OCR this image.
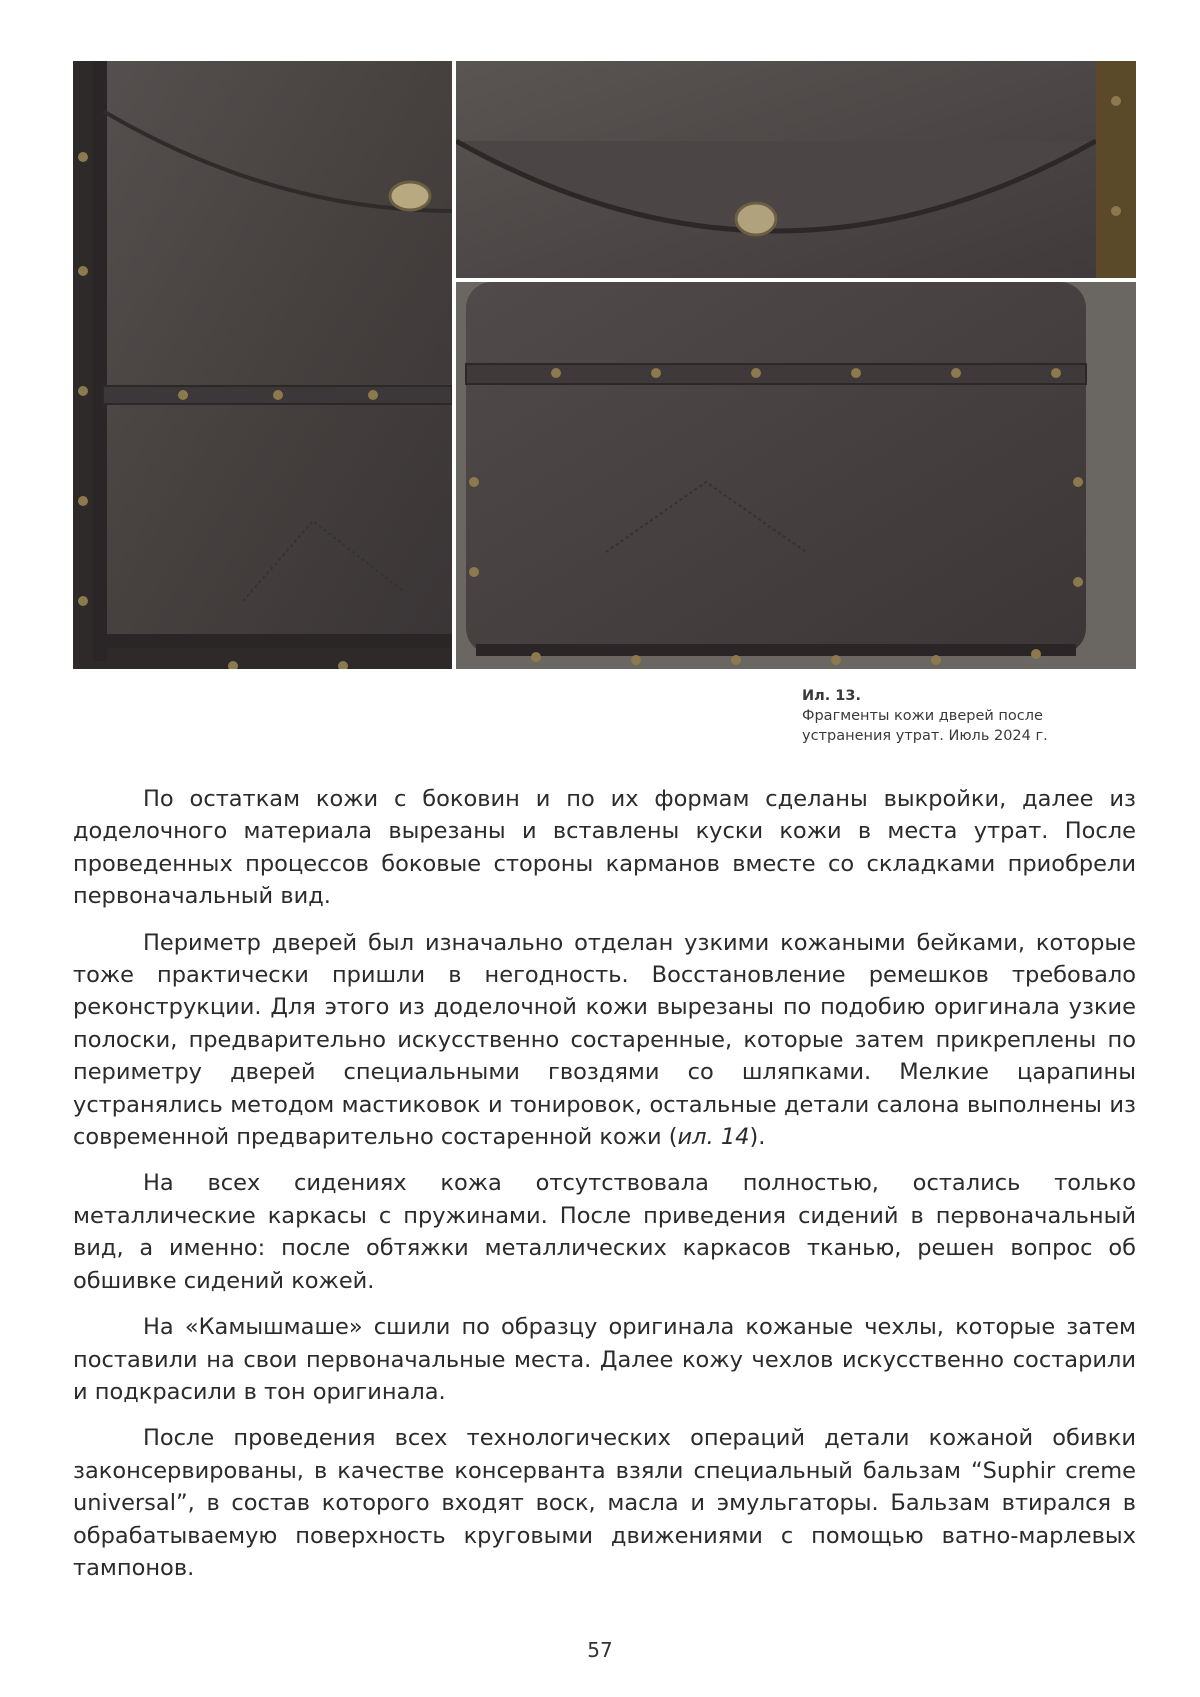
Ил. 13.
Фрагменты кожи дверей после устранения утрат. Июль 2024 г.

По остаткам кожи с боковин и по их формам сделаны выкройки, далее из доделочного материала вырезаны и вставлены куски кожи в места утрат. После проведенных процессов боковые стороны карманов вместе со складками приобрели первоначальный вид.

Периметр дверей был изначально отделан узкими кожаными бейками, которые тоже практически пришли в негодность. Восстановление ремешков требовало реконструкции. Для этого из доделочной кожи вырезаны по подобию оригинала узкие полоски, предварительно искусственно состаренные, которые затем прикреплены по периметру дверей специальными гвоздями со шляпками. Мелкие царапины устранялись методом мастиковок и тонировок, остальные детали салона выполнены из современной предварительно состаренной кожи (ил. 14).

На всех сидениях кожа отсутствовала полностью, остались только металлические каркасы с пружинами. После приведения сидений в первоначальный вид, а именно: после обтяжки металлических каркасов тканью, решен вопрос об обшивке сидений кожей.

На «Камышмаше» сшили по образцу оригинала кожаные чехлы, которые затем поставили на свои первоначальные места. Далее кожу чехлов искусственно состарили и подкрасили в тон оригинала.

После проведения всех технологических операций детали кожаной обивки законсервированы, в качестве консерванта взяли специальный бальзам “Suphir creme universal”, в состав которого входят воск, масла и эмульгаторы. Бальзам втирался в обрабатываемую поверхность круговыми движениями с помощью ватно-марлевых тампонов.

57
